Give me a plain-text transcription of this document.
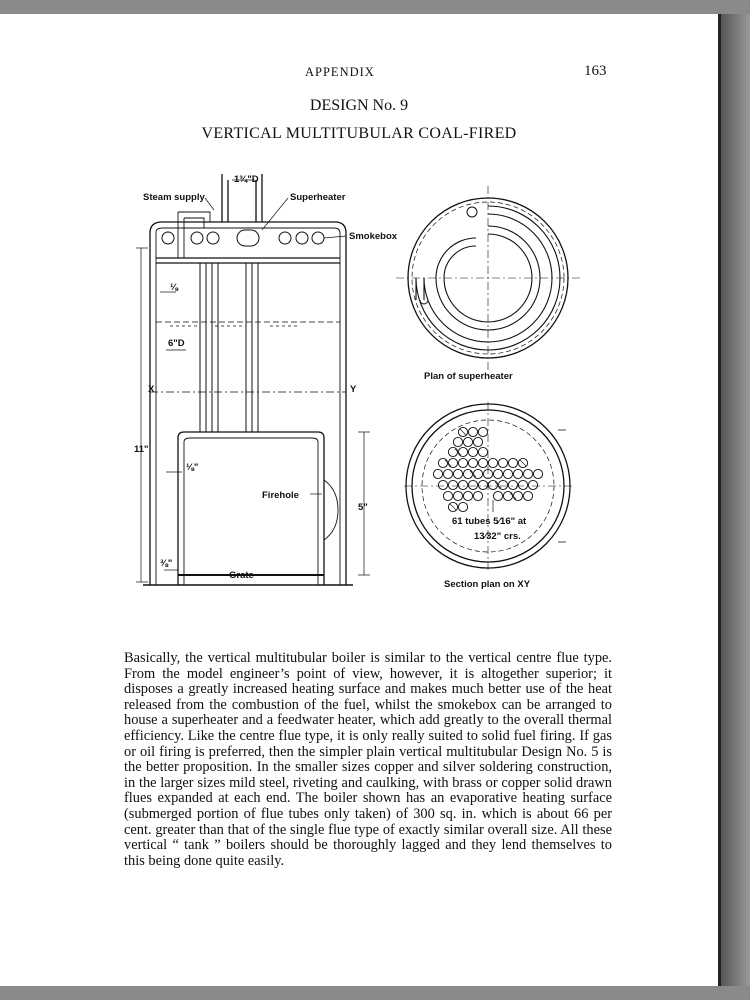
APPENDIX	163
DESIGN No. 9
VERTICAL MULTITUBULAR COAL-FIRED
Steam supply	Superheater
Smokebox
1¾"D
⅛
6"D
X	Y
11"
⅛"
Firehole
5"
⅜"
Grate
Plan of superheater
61 tubes 5⁄16" at
13⁄32" crs.
Section plan on XY
Basically, the vertical multitubular boiler is similar to the vertical centre flue type. From the model engineer’s point of view, however, it is altogether superior; it disposes a greatly increased heating surface and makes much better use of the heat released from the combustion of the fuel, whilst the smokebox can be arranged to house a superheater and a feedwater heater, which add greatly to the overall thermal efficiency. Like the centre flue type, it is only really suited to solid fuel firing. If gas or oil firing is preferred, then the simpler plain vertical multitubular Design No. 5 is the better proposition. In the smaller sizes copper and silver soldering construction, in the larger sizes mild steel, riveting and caulking, with brass or copper solid drawn flues expanded at each end. The boiler shown has an evaporative heating surface (submerged portion of flue tubes only taken) of 300 sq. in. which is about 66 per cent. greater than that of the single flue type of exactly similar overall size. All these vertical “ tank ” boilers should be thoroughly lagged and they lend themselves to this being done quite easily.
